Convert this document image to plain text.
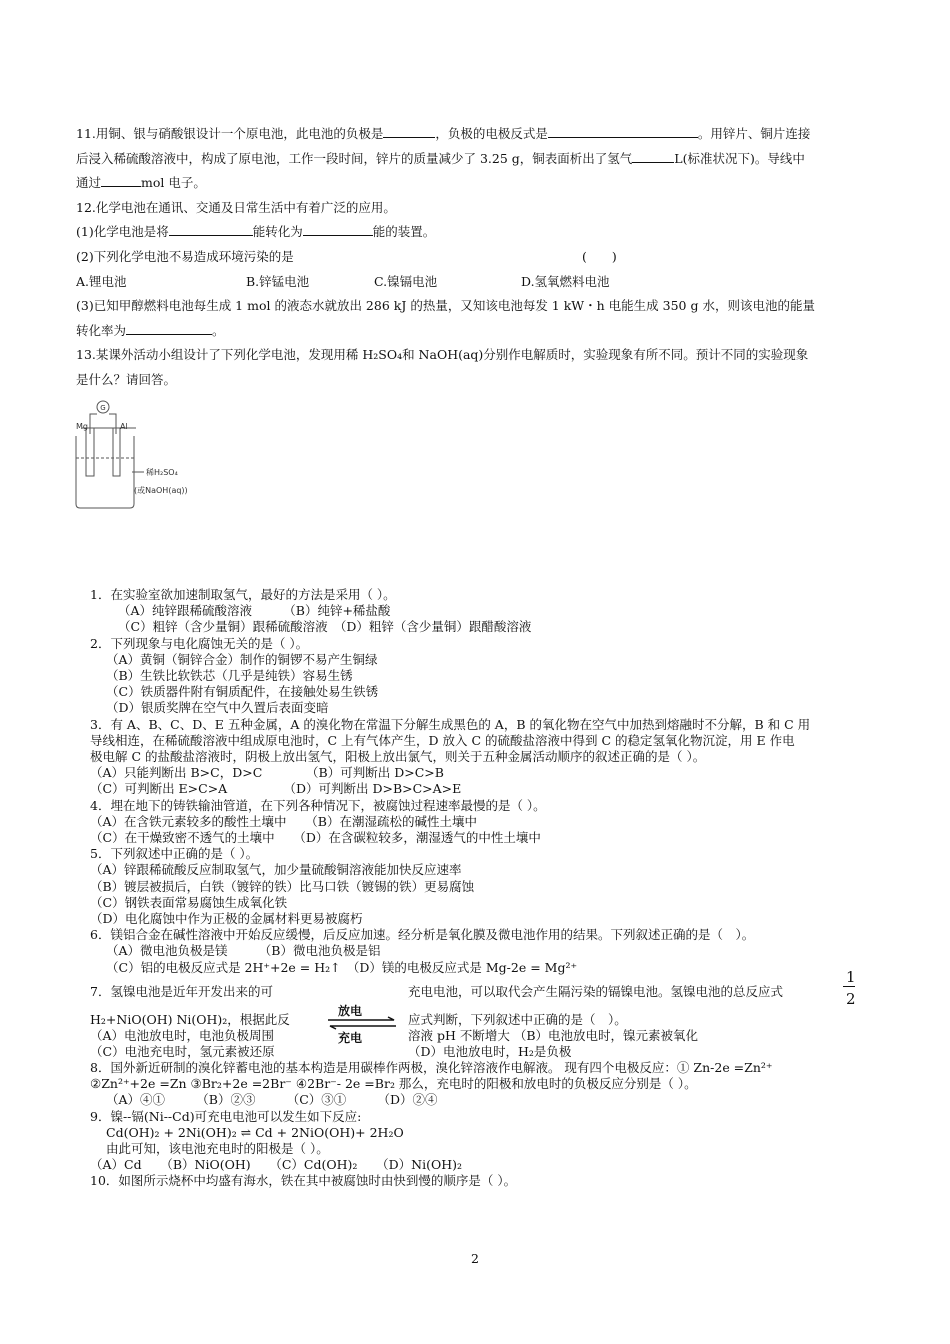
11.用铜、银与硝酸银设计一个原电池，此电池的负极是	，负极的电极反式是	。用锌片、铜片连接
后浸入稀硫酸溶液中，构成了原电池，工作一段时间，锌片的质量减少了 3.25 g，铜表面析出了氢气	L(标准状况下)。导线中
通过	mol 电子。
12.化学电池在通讯、交通及日常生活中有着广泛的应用。
(1)化学电池是将	能转化为	能的装置。
(2)下列化学电池不易造成环境污染的是	(　　)
A.锂电池	B.锌锰电池	C.镍镉电池	D.氢氧燃料电池
(3)已知甲醇燃料电池每生成 1 mol 的液态水就放出 286 kJ 的热量，又知该电池每发 1 kW・h 电能生成 350 g 水，则该电池的能量
转化率为	。
13.某课外活动小组设计了下列化学电池，发现用稀 H₂SO₄和 NaOH(aq)分别作电解质时，实验现象有所不同。预计不同的实验现象
是什么？请回答。
G
Mg	Al
稀H₂SO₄
(或NaOH(aq))
1．在实验室欲加速制取氢气，最好的方法是采用（ ）。
（A）纯锌跟稀硫酸溶液　　　（B）纯锌+稀盐酸
（C）粗锌（含少量铜）跟稀硫酸溶液　（D）粗锌（含少量铜）跟醋酸溶液
2．下列现象与电化腐蚀无关的是（ ）。
（A）黄铜（铜锌合金）制作的铜锣不易产生铜绿
（B）生铁比软铁芯（几乎是纯铁）容易生锈
（C）铁质器件附有铜质配件，在接触处易生铁锈
（D）银质奖牌在空气中久置后表面变暗
3．有 A、B、C、D、E 五种金属，A 的溴化物在常温下分解生成黑色的 A，B 的氧化物在空气中加热到熔融时不分解，B 和 C 用
导线相连，在稀硫酸溶液中组成原电池时，C 上有气体产生，D 放入 C 的硫酸盐溶液中得到 C 的稳定氢氧化物沉淀，用 E 作电
极电解 C 的盐酸盐溶液时，阴极上放出氢气，阳极上放出氯气，则关于五种金属活动顺序的叙述正确的是（ ）。
（A）只能判断出 B>C，D>C　　　　（B）可判断出 D>C>B
（C）可判断出 E>C>A　　　　　（D）可判断出 D>B>C>A>E
4．埋在地下的铸铁输油管道，在下列各种情况下，被腐蚀过程速率最慢的是（ ）。
（A）在含铁元素较多的酸性土壤中　　（B）在潮湿疏松的碱性土壤中
（C）在干燥致密不透气的土壤中　　（D）在含碳粒较多，潮湿透气的中性土壤中
5．下列叙述中正确的是（ ）。
（A）锌跟稀硫酸反应制取氢气，加少量硫酸铜溶液能加快反应速率
（B）镀层被损后，白铁（镀锌的铁）比马口铁（镀锡的铁）更易腐蚀
（C）钢铁表面常易腐蚀生成氧化铁
（D）电化腐蚀中作为正极的金属材料更易被腐朽
6．镁铝合金在碱性溶液中开始反应缓慢，后反应加速。经分析是氧化膜及微电池作用的结果。下列叙述正确的是（　）。
（A）微电池负极是镁　　　（B）微电池负极是铝
（C）铝的电极反应式是 2H⁺+2e = H₂↑　（D）镁的电极反应式是 Mg-2e = Mg²⁺
7．氢镍电池是近年开发出来的可	充电电池，可以取代会产生隔污染的镉镍电池。氢镍电池的总反应式
1
2
H₂+NiO(OH) Ni(OH)₂，根据此反
放电
充电
应式判断，下列叙述中正确的是（　）。
（A）电池放电时，电池负极周围	溶液 pH 不断增大 （B）电池放电时，镍元素被氧化
（C）电池充电时，氢元素被还原	（D）电池放电时，H₂是负极
8．国外新近研制的溴化锌蓄电池的基本构造是用碳棒作两极，溴化锌溶液作电解液。 现有四个电极反应：① Zn-2e =Zn²⁺
②Zn²⁺+2e =Zn ③Br₂+2e =2Br⁻ ④2Br⁻- 2e =Br₂ 那么，充电时的阳极和放电时的负极反应分别是（ ）。
（A）④①　　　（B）②③　　　（C）③①　　　（D）②④
9．镍--镉(Ni--Cd)可充电电池可以发生如下反应:
Cd(OH)₂ + 2Ni(OH)₂ ⇌ Cd + 2NiO(OH)+ 2H₂O
由此可知，该电池充电时的阳极是（ ）。
（A）Cd　　（B）NiO(OH)　　（C）Cd(OH)₂　　（D）Ni(OH)₂
10．如图所示烧杯中均盛有海水，铁在其中被腐蚀时由快到慢的顺序是（ ）。
2
